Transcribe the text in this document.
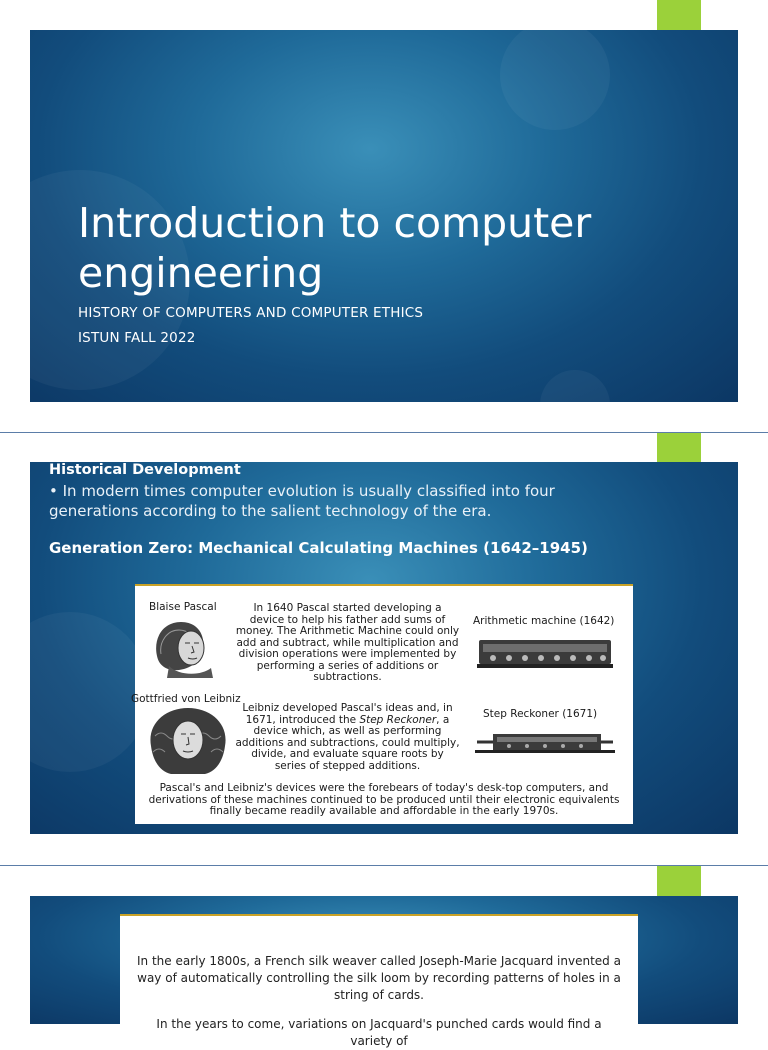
Introduction to computer
engineering
HISTORY OF COMPUTERS AND COMPUTER ETHICS
ISTUN FALL 2022
Historical Development
• In modern times computer evolution is usually classified into four generations according to the salient technology of the era.
Generation Zero: Mechanical Calculating Machines (1642–1945)
Blaise Pascal	In 1640 Pascal started developing a device to help his father add sums of money. The Arithmetic Machine could only add and subtract, while multiplication and division operations were implemented by performing a series of additions or subtractions.
Arithmetic machine (1642)
Gottfried von Leibniz
Leibniz developed Pascal's ideas and, in 1671, introduced the Step Reckoner, a device which, as well as performing additions and subtractions, could multiply, divide, and evaluate square roots by series of stepped additions.
Step Reckoner (1671)
Pascal's and Leibniz's devices were the forebears of today's desk-top computers, and derivations of these machines continued to be produced until their electronic equivalents finally became readily available and affordable in the early 1970s.
In the early 1800s, a French silk weaver called Joseph-Marie Jacquard invented a way of automatically controlling the silk loom by recording patterns of holes in a string of cards.
In the years to come, variations on Jacquard's punched cards would find a variety of
